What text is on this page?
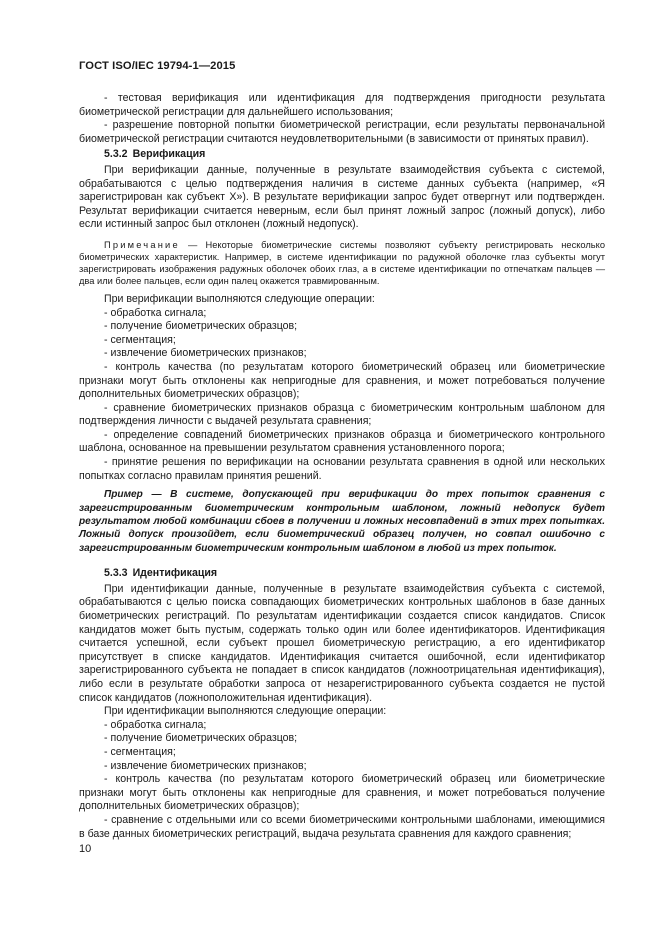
ГОСТ ISO/IEC 19794-1—2015

- тестовая верификация или идентификация для подтверждения пригодности результата биометрической регистрации для дальнейшего использования;

- разрешение повторной попытки биометрической регистрации, если результаты первоначальной биометрической регистрации считаются неудовлетворительными (в зависимости от принятых правил).

5.3.2 Верификация

При верификации данные, полученные в результате взаимодействия субъекта с системой, обрабатываются с целью подтверждения наличия в системе данных субъекта (например, «Я зарегистрирован как субъект X»). В результате верификации запрос будет отвергнут или подтвержден. Результат верификации считается неверным, если был принят ложный запрос (ложный допуск), либо если истинный запрос был отклонен (ложный недопуск).

Примечание — Некоторые биометрические системы позволяют субъекту регистрировать несколько биометрических характеристик. Например, в системе идентификации по радужной оболочке глаз субъекты могут зарегистрировать изображения радужных оболочек обоих глаз, а в системе идентификации по отпечаткам пальцев — два или более пальцев, если один палец окажется травмированным.

При верификации выполняются следующие операции:

- обработка сигнала;

- получение биометрических образцов;

- сегментация;

- извлечение биометрических признаков;

- контроль качества (по результатам которого биометрический образец или биометрические признаки могут быть отклонены как непригодные для сравнения, и может потребоваться получение дополнительных биометрических образцов);

- сравнение биометрических признаков образца с биометрическим контрольным шаблоном для подтверждения личности с выдачей результата сравнения;

- определение совпадений биометрических признаков образца и биометрического контрольного шаблона, основанное на превышении результатом сравнения установленного порога;

- принятие решения по верификации на основании результата сравнения в одной или нескольких попытках согласно правилам принятия решений.

Пример — В системе, допускающей при верификации до трех попыток сравнения с зарегистрированным биометрическим контрольным шаблоном, ложный недопуск будет результатом любой комбинации сбоев в получении и ложных несовпадений в этих трех попытках. Ложный допуск произойдет, если биометрический образец получен, но совпал ошибочно с зарегистрированным биометрическим контрольным шаблоном в любой из трех попыток.

5.3.3 Идентификация

При идентификации данные, полученные в результате взаимодействия субъекта с системой, обрабатываются с целью поиска совпадающих биометрических контрольных шаблонов в базе данных биометрических регистраций. По результатам идентификации создается список кандидатов. Список кандидатов может быть пустым, содержать только один или более идентификаторов. Идентификация считается успешной, если субъект прошел биометрическую регистрацию, а его идентификатор присутствует в списке кандидатов. Идентификация считается ошибочной, если идентификатор зарегистрированного субъекта не попадает в список кандидатов (ложноотрицательная идентификация), либо если в результате обработки запроса от незарегистрированного субъекта создается не пустой список кандидатов (ложноположительная идентификация).

При идентификации выполняются следующие операции:

- обработка сигнала;

- получение биометрических образцов;

- сегментация;

- извлечение биометрических признаков;

- контроль качества (по результатам которого биометрический образец или биометрические признаки могут быть отклонены как непригодные для сравнения, и может потребоваться получение дополнительных биометрических образцов);

- сравнение с отдельными или со всеми биометрическими контрольными шаблонами, имеющимися в базе данных биометрических регистраций, выдача результата сравнения для каждого сравнения;

10
